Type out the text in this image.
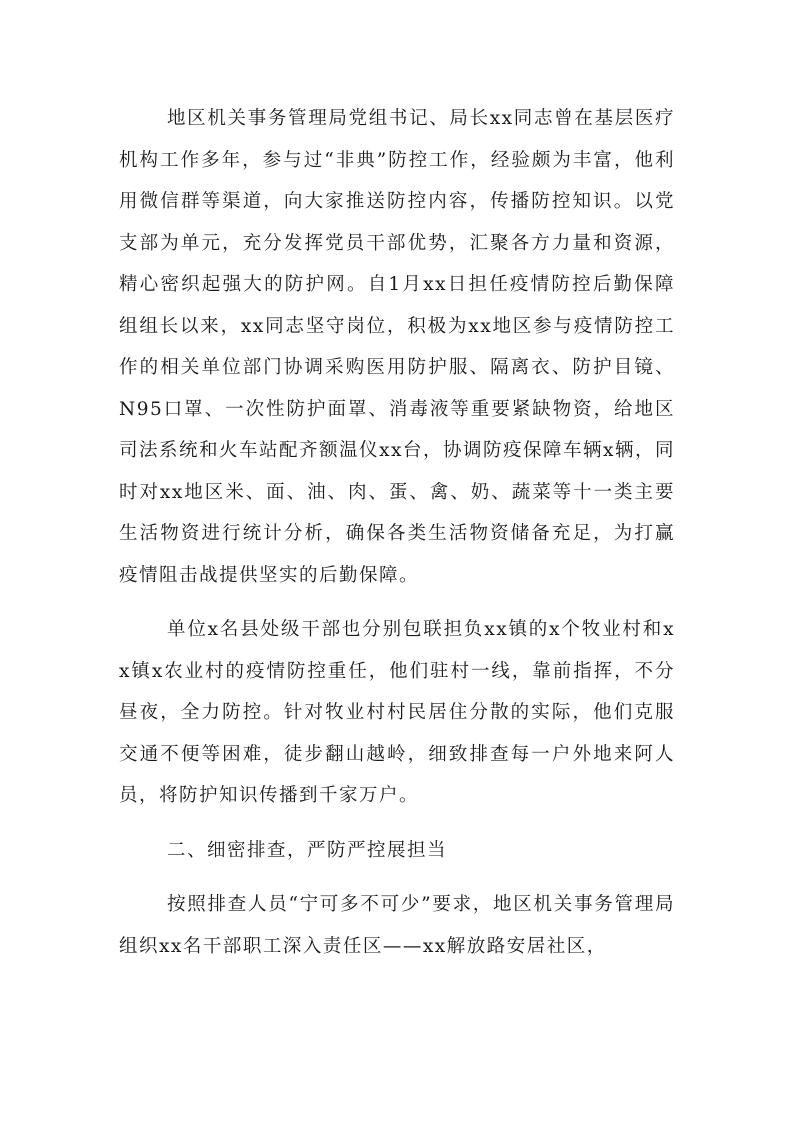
地区机关事务管理局党组书记、局长xx同志曾在基层医疗机构工作多年，参与过“非典”防控工作，经验颇为丰富，他利用微信群等渠道，向大家推送防控内容，传播防控知识。以党支部为单元，充分发挥党员干部优势，汇聚各方力量和资源，精心密织起强大的防护网。自1月xx日担任疫情防控后勤保障组组长以来，xx同志坚守岗位，积极为xx地区参与疫情防控工作的相关单位部门协调采购医用防护服、隔离衣、防护目镜、N95口罩、一次性防护面罩、消毒液等重要紧缺物资，给地区司法系统和火车站配齐额温仪xx台，协调防疫保障车辆x辆，同时对xx地区米、面、油、肉、蛋、禽、奶、蔬菜等十一类主要生活物资进行统计分析，确保各类生活物资储备充足，为打赢疫情阻击战提供坚实的后勤保障。

单位x名县处级干部也分别包联担负xx镇的x个牧业村和xx镇x农业村的疫情防控重任，他们驻村一线，靠前指挥，不分昼夜，全力防控。针对牧业村村民居住分散的实际，他们克服交通不便等困难，徒步翻山越岭，细致排查每一户外地来阿人员，将防护知识传播到千家万户。

二、细密排查，严防严控展担当

按照排查人员“宁可多不可少”要求，地区机关事务管理局组织xx名干部职工深入责任区——xx解放路安居社区，
